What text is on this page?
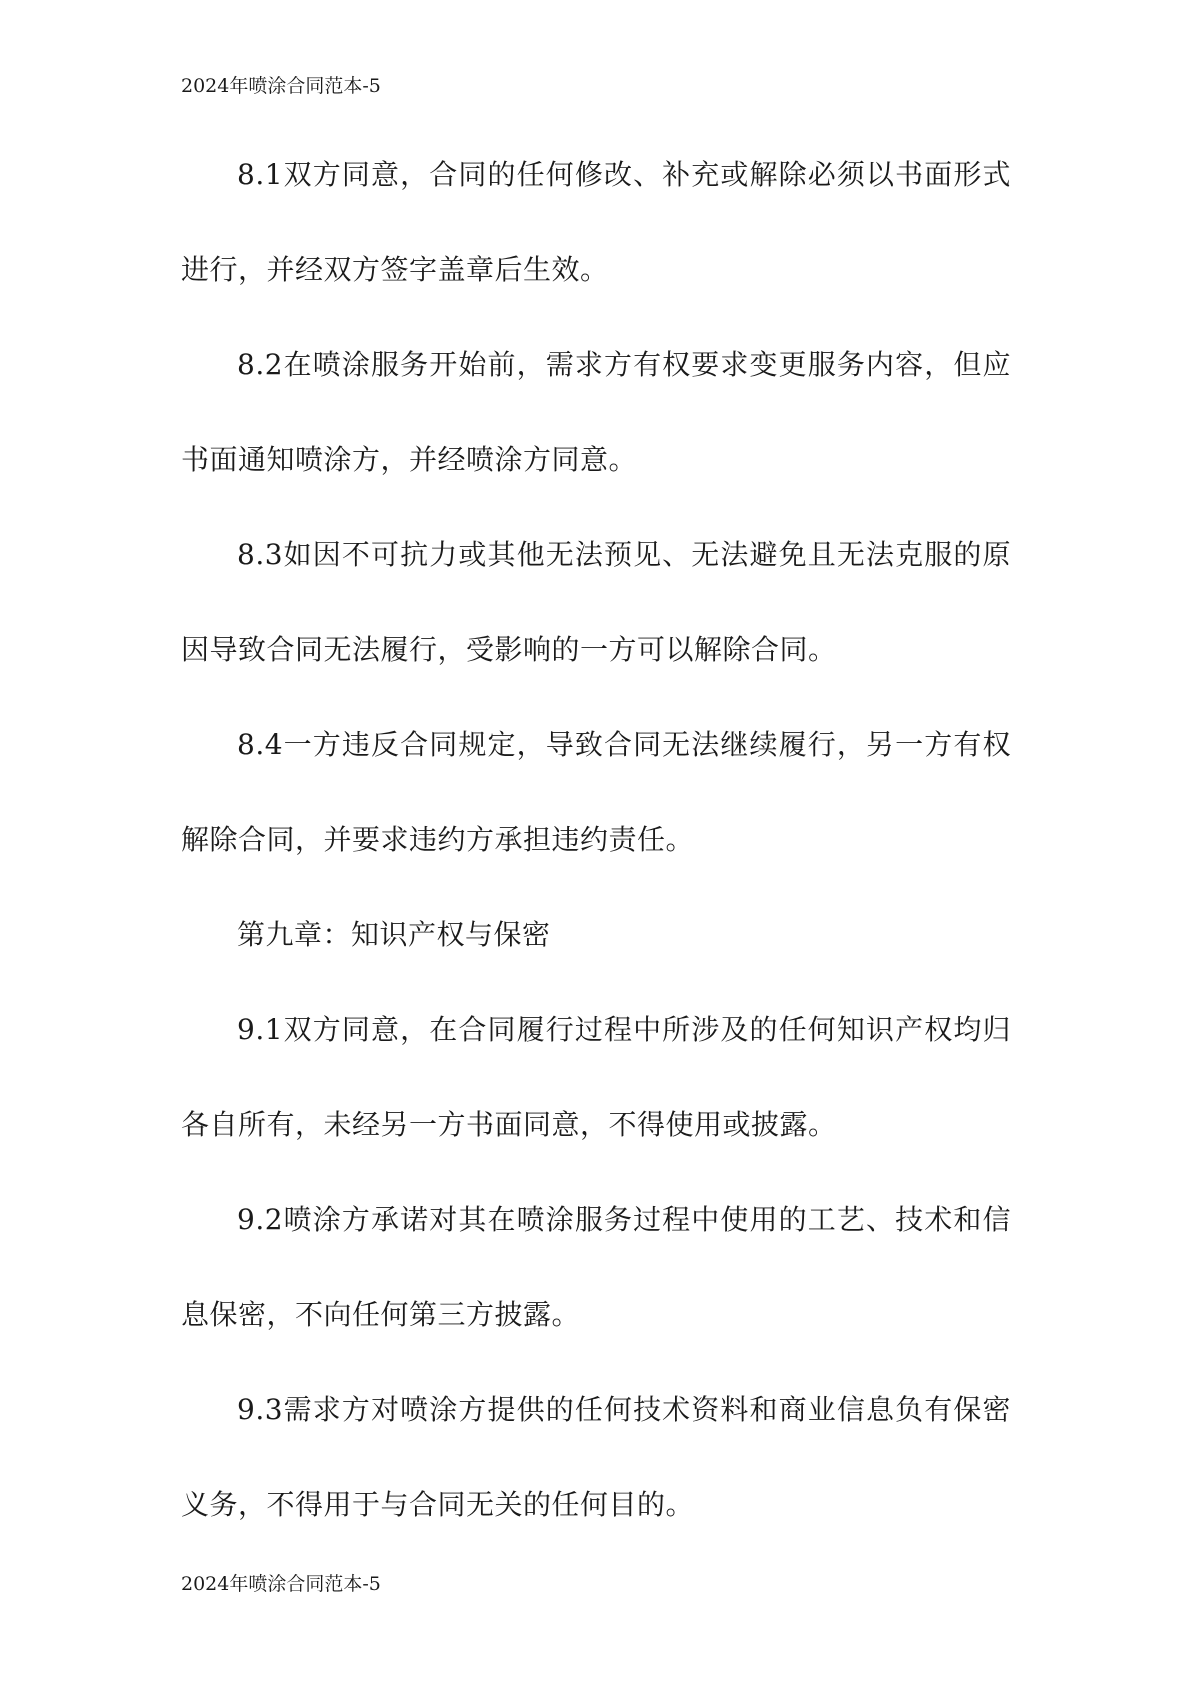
2024年喷涂合同范本-5

8.1双方同意，合同的任何修改、补充或解除必须以书面形式进行，并经双方签字盖章后生效。

8.2在喷涂服务开始前，需求方有权要求变更服务内容，但应书面通知喷涂方，并经喷涂方同意。

8.3如因不可抗力或其他无法预见、无法避免且无法克服的原因导致合同无法履行，受影响的一方可以解除合同。

8.4一方违反合同规定，导致合同无法继续履行，另一方有权解除合同，并要求违约方承担违约责任。

第九章：知识产权与保密

9.1双方同意，在合同履行过程中所涉及的任何知识产权均归各自所有，未经另一方书面同意，不得使用或披露。

9.2喷涂方承诺对其在喷涂服务过程中使用的工艺、技术和信息保密，不向任何第三方披露。

9.3需求方对喷涂方提供的任何技术资料和商业信息负有保密义务，不得用于与合同无关的任何目的。

2024年喷涂合同范本-5
